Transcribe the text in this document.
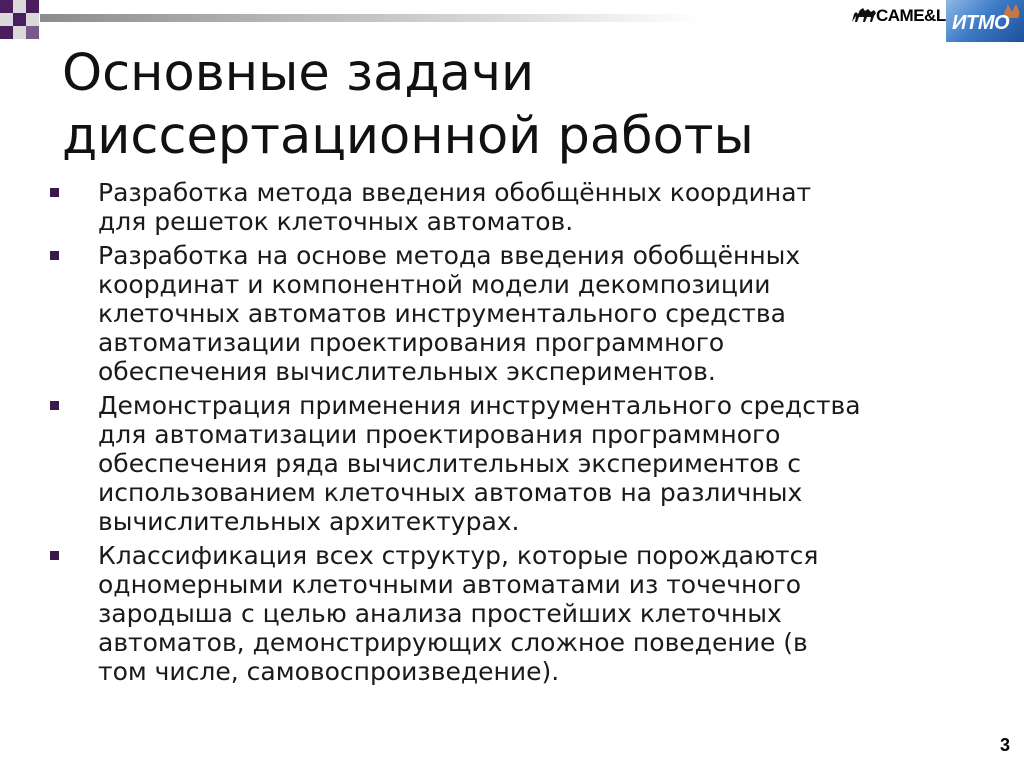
CAME&L ИТМО
Основные задачи
диссертационной работы
Разработка метода введения обобщённых координат
для решеток клеточных автоматов.
Разработка на основе метода введения обобщённых
координат и компонентной модели декомпозиции
клеточных автоматов инструментального средства
автоматизации проектирования программного
обеспечения вычислительных экспериментов.
Демонстрация применения инструментального средства
для автоматизации проектирования программного
обеспечения ряда вычислительных экспериментов с
использованием клеточных автоматов на различных
вычислительных архитектурах.
Классификация всех структур, которые порождаются
одномерными клеточными автоматами из точечного
зародыша с целью анализа простейших клеточных
автоматов, демонстрирующих сложное поведение (в
том числе, самовоспроизведение).
3
